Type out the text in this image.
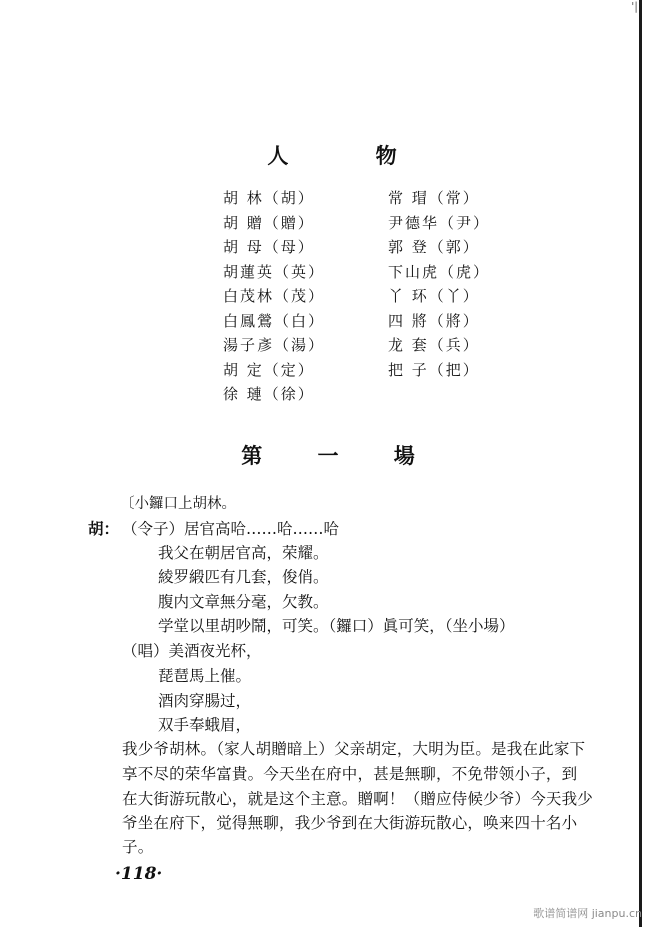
'|
人 物
胡 林（胡）
胡 贈（贈）
胡 母（母）
胡蓮英（英）
白茂林（茂）
白鳳鶯（白）
湯子彥（湯）
胡 定（定）
徐 璉（徐）
常 瑁（常）
尹德华（尹）
郭 登（郭）
下山虎（虎）
丫 环（丫）
四 將（將）
龙 套（兵）
把 子（把）
第 一 場
〔小鑼口上胡林。
胡： （令子）居官高哈……哈……哈
我父在朝居官高，荣耀。
綾罗緞匹有几套，俊俏。
腹内文章無分毫，欠教。
学堂以里胡吵鬧，可笑。（鑼口）眞可笑，（坐小場）
（唱）美酒夜光杯，
琵琶馬上催。
酒肉穿腸过，
双手奉蛾眉，
我少爷胡林。（家人胡贈暗上）父亲胡定，大明为臣。是我在此家下
享不尽的荣华富貴。今天坐在府中，甚是無聊，不免带领小子，到
在大街游玩散心，就是这个主意。贈啊！（贈应侍候少爷）今天我少
爷坐在府下，觉得無聊，我少爷到在大街游玩散心，唤来四十名小
子。
·118·
歌谱简谱网 jianpu.cn
